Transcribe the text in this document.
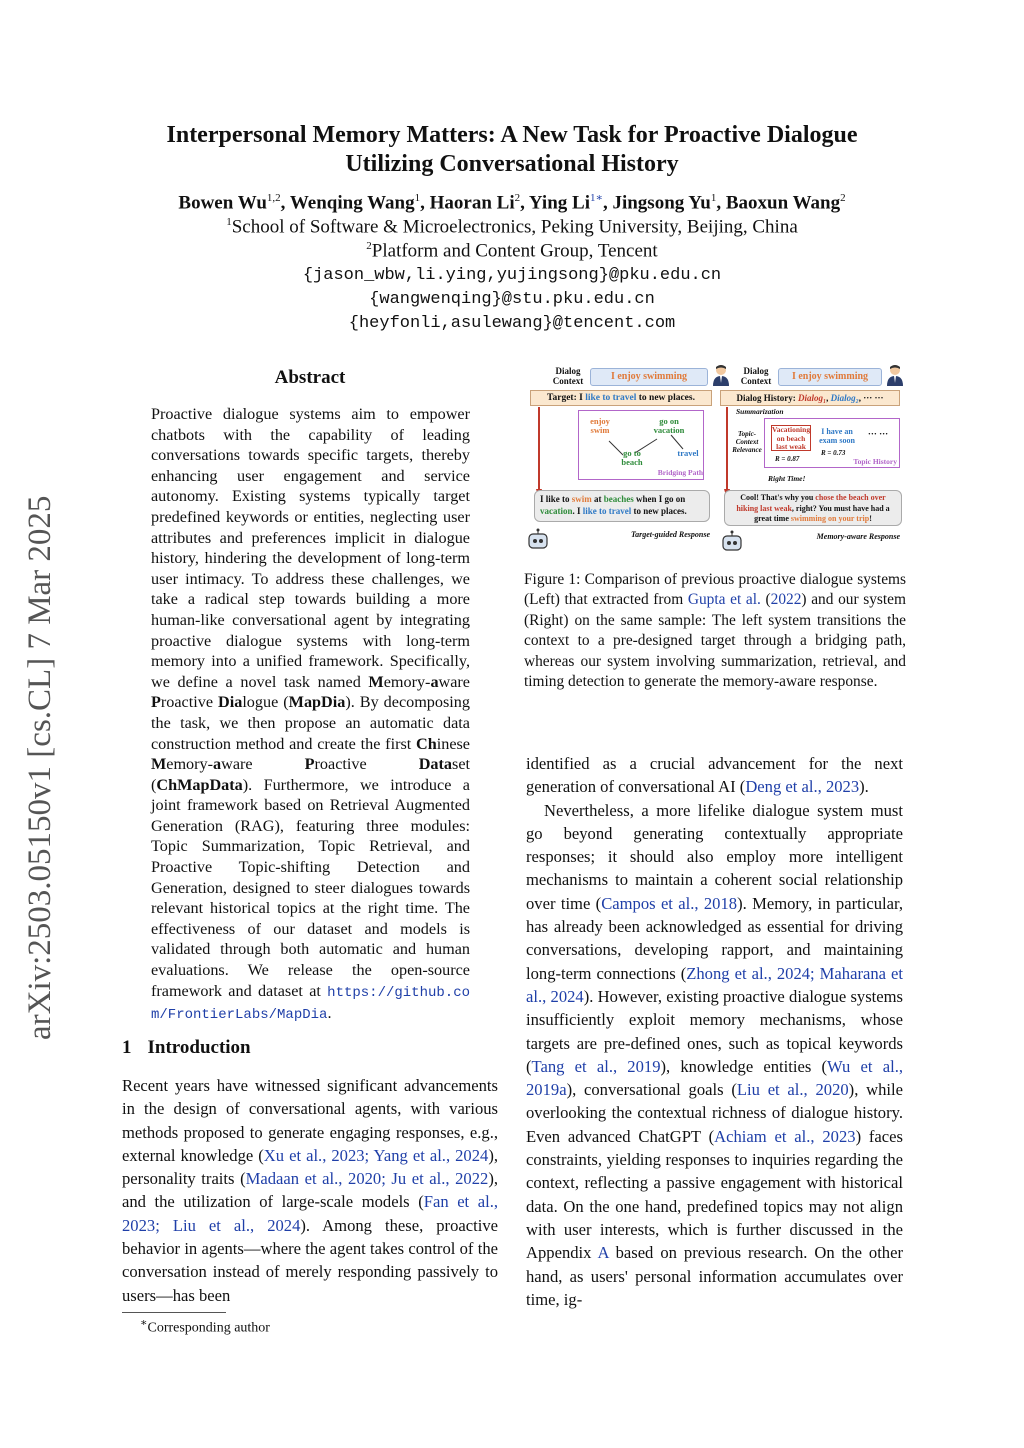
arXiv:2503.05150v1 [cs.CL] 7 Mar 2025
Interpersonal Memory Matters: A New Task for Proactive Dialogue
Utilizing Conversational History
Bowen Wu$^{1,2}$, Wenqing Wang$^1$, Haoran Li$^2$, Ying $Li^{1∗}$, Jingsong Yu$^1$, Baoxun Wang$^2$
$^1$School of Software & Microelectronics, Peking University, Beijing, China
$^2$Platform and Content Group, Tencent
{jason_wbw,li.ying,yujingsong}@pku.edu.cn
{wangwenqing}@stu.pku.edu.cn
{heyfonli,asulewang}@tencent.com
Abstract

Proactive dialogue systems aim to empower chatbots with the capability of leading conversations towards specific targets, thereby enhancing user engagement and service autonomy. Existing systems typically target predefined keywords or entities, neglecting user attributes and preferences implicit in dialogue history, hindering the development of long-term user intimacy. To address these challenges, we take a radical step towards building a more human-like conversational agent by integrating proactive dialogue systems with long-term memory into a unified framework. Specifically, we define a novel task named Memory-aware Proactive Dialogue (MapDia). By decomposing the task, we then propose an automatic data construction method and create the first Chinese Memory-aware Proactive Dataset (ChMapData). Furthermore, we introduce a joint framework based on Retrieval Augmented Generation (RAG), featuring three modules: Topic Summarization, Topic Retrieval, and Proactive Topic-shifting Detection and Generation, designed to steer dialogues towards relevant historical topics at the right time. The effectiveness of our dataset and models is validated through both automatic and human evaluations. We release the open-source framework and dataset at https://github.com/FrontierLabs/MapDia.

1 Introduction

Recent years have witnessed significant advancements in the design of conversational agents, with various methods proposed to generate engaging responses, e.g., external knowledge (Xu et al., 2023; Yang et al., 2024), personality traits (Madaan et al., 2020; Ju et al., 2022), and the utilization of large-scale models (Fan et al., 2023; Liu et al., 2024). Among these, proactive behavior in agents—where the agent takes control of the conversation instead of merely responding passively to users—has been

∗Corresponding author
Dialog Context	I enjoy swimming
Target: I like to travel to new places.
enjoy swim
go on vacation
go to beach
travel
Bridging Path
I like to swim at beaches when I go on vacation. I like to travel to new places.
Target-guided Response
Dialog Context	I enjoy swimming
Dialog History: Dialog₁, Dialog₂, ··· ···
Summarization
Topic-Context Relevance
Vacationing on beach last weak
I have an exam soon
··· ···
R = 0.87
R = 0.73
Topic History
Right Time!
Cool! That's why you chose the beach over hiking last weak, right? You must have had a great time swimming on your trip!
Memory-aware Response
Figure 1: Comparison of previous proactive dialogue systems (Left) that extracted from Gupta et al. (2022) and our system (Right) on the same sample: The left system transitions the context to a pre-designed target through a bridging path, whereas our system involving summarization, retrieval, and timing detection to generate the memory-aware response.

identified as a crucial advancement for the next generation of conversational AI (Deng et al., 2023).

Nevertheless, a more lifelike dialogue system must go beyond generating contextually appropriate responses; it should also employ more intelligent mechanisms to maintain a coherent social relationship over time (Campos et al., 2018). Memory, in particular, has already been acknowledged as essential for driving conversations, developing rapport, and maintaining long-term connections (Zhong et al., 2024; Maharana et al., 2024). However, existing proactive dialogue systems insufficiently exploit memory mechanisms, whose targets are pre-defined ones, such as topical keywords (Tang et al., 2019), knowledge entities (Wu et al., 2019a), conversational goals (Liu et al., 2020), while overlooking the contextual richness of dialogue history. Even advanced ChatGPT (Achiam et al., 2023) faces constraints, yielding responses to inquiries regarding the context, reflecting a passive engagement with historical data. On the one hand, predefined topics may not align with user interests, which is further discussed in the Appendix A based on previous research. On the other hand, as users' personal information accumulates over time, ig-
